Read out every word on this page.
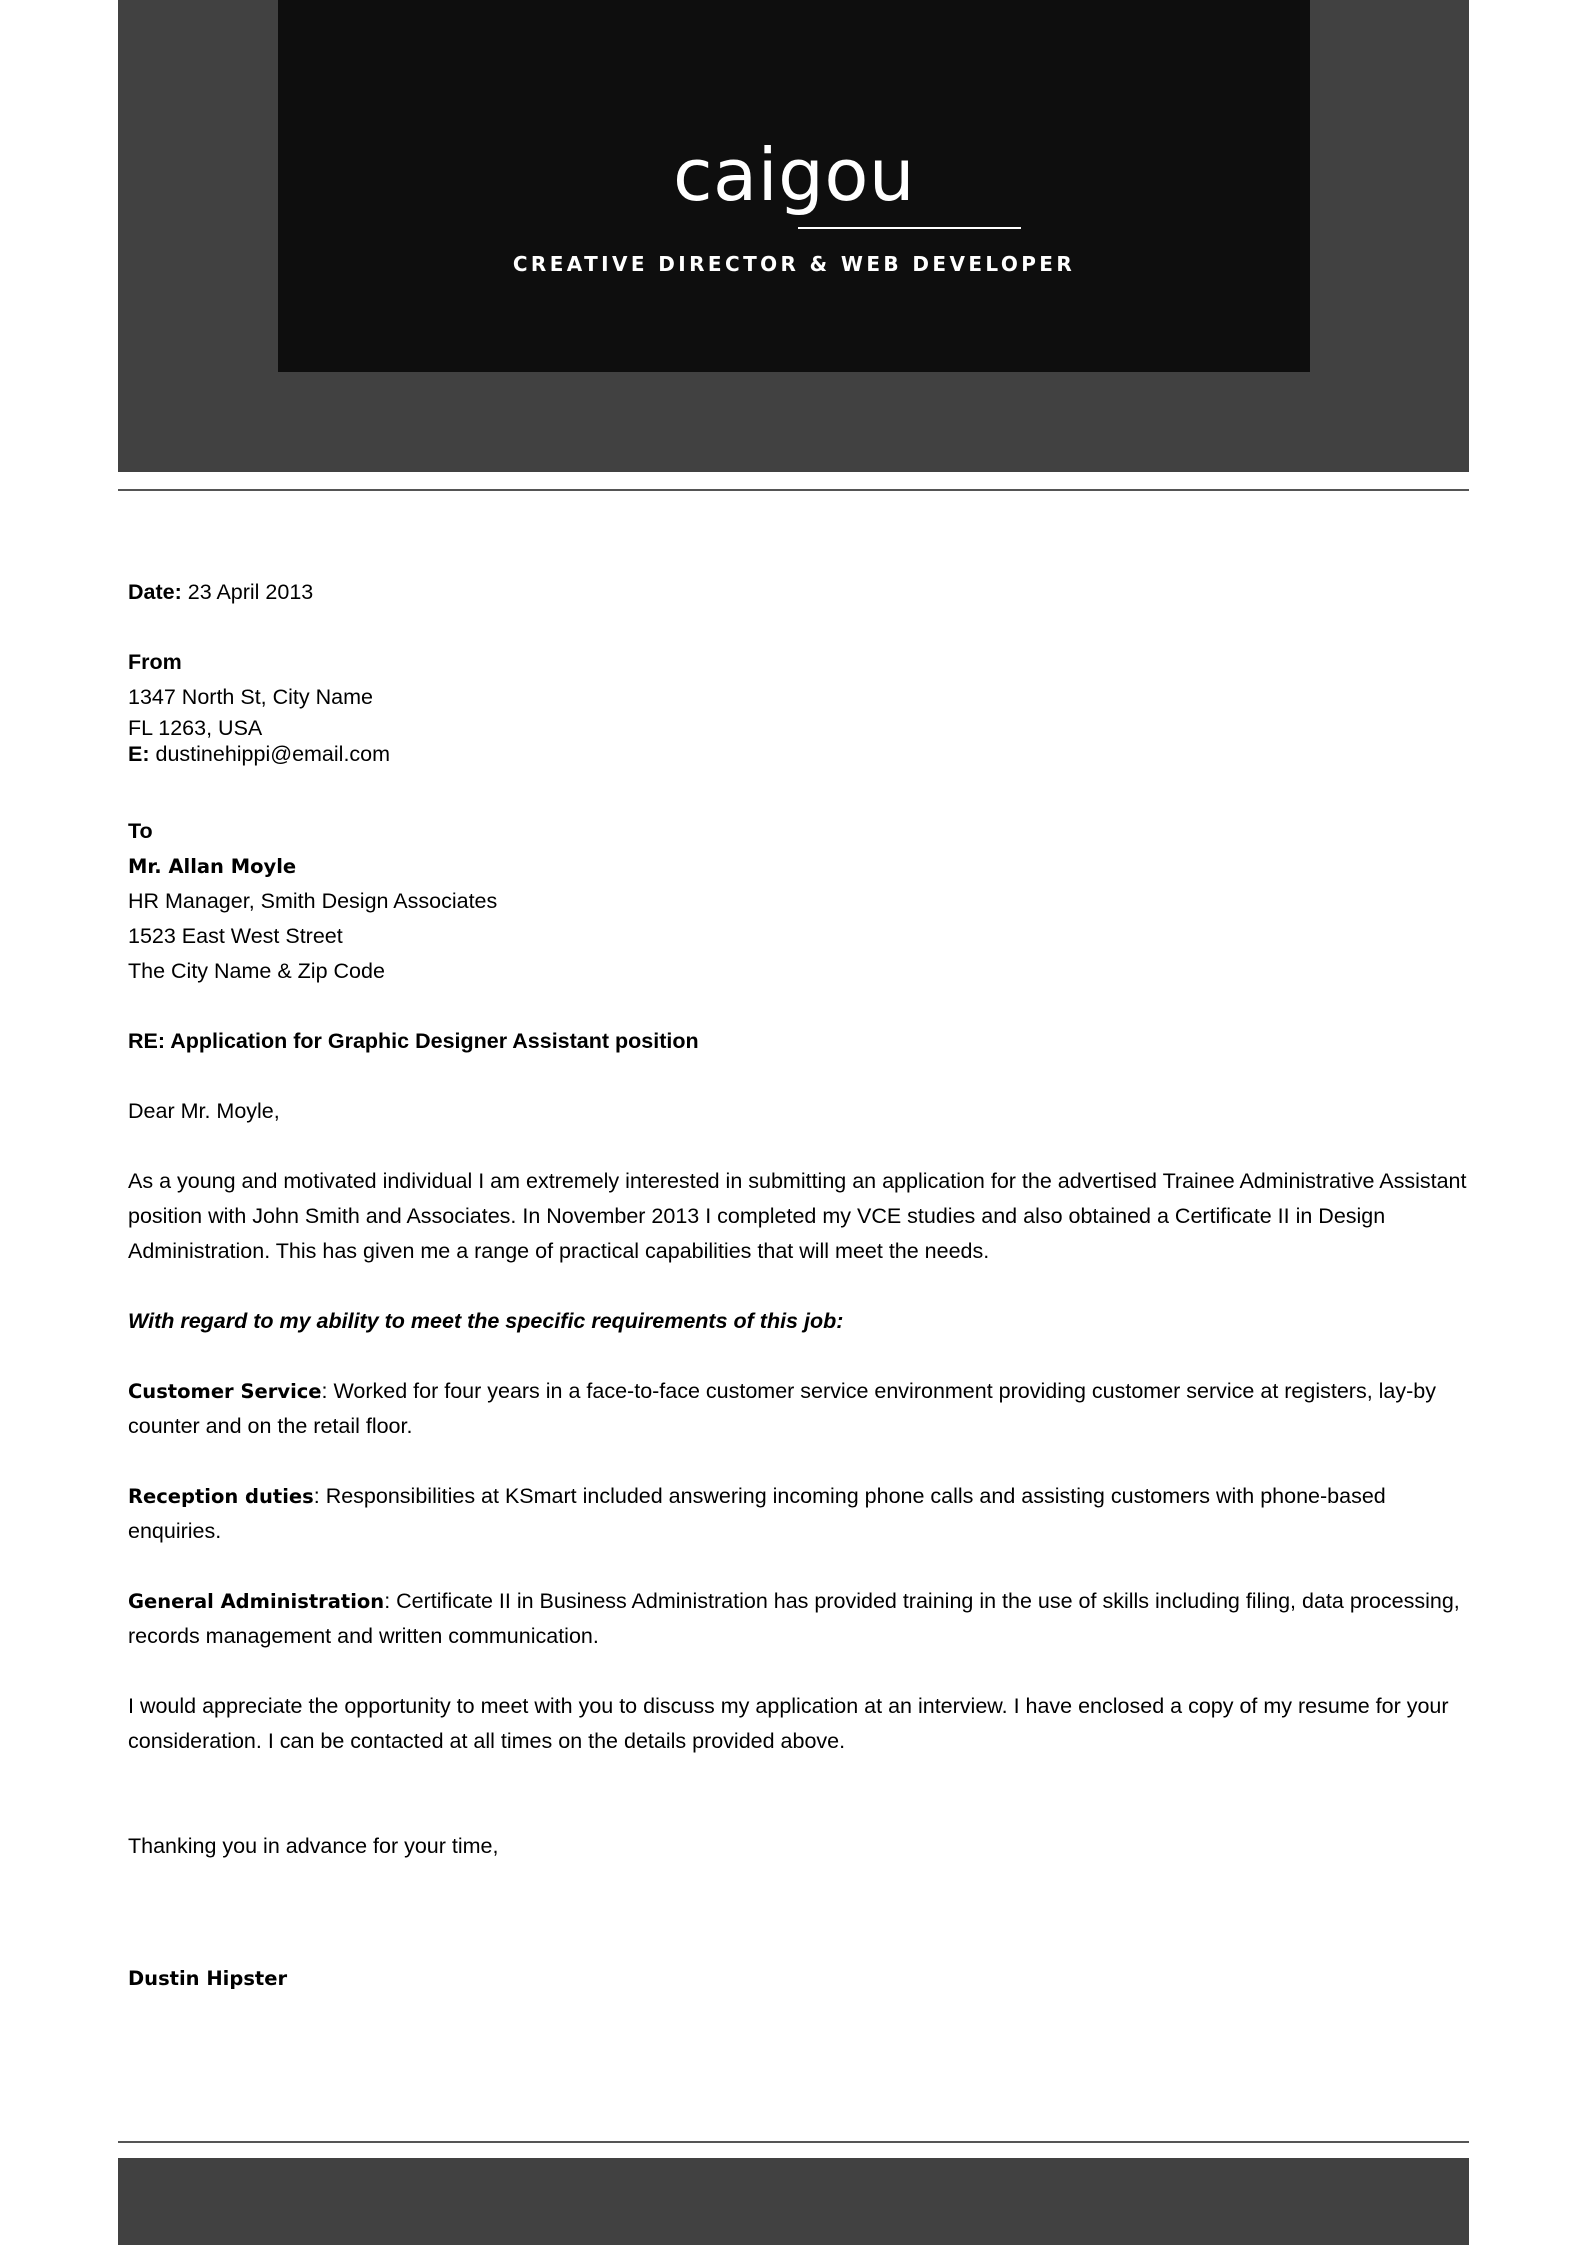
caigou
CREATIVE DIRECTOR & WEB DEVELOPER

Date: 23 April 2013

From

1347 North St, City Name

FL 1263, USA

E: dustinehippi@email.com

To

Mr. Allan Moyle

HR Manager, Smith Design Associates

1523 East West Street

The City Name & Zip Code

RE: Application for Graphic Designer Assistant position

Dear Mr. Moyle,

As a young and motivated individual I am extremely interested in submitting an application for the advertised Trainee Administrative Assistant position with John Smith and Associates. In November 2013 I completed my VCE studies and also obtained a Certificate II in Design Administration. This has given me a range of practical capabilities that will meet the needs.

With regard to my ability to meet the specific requirements of this job:

Customer Service: Worked for four years in a face-to-face customer service environment providing customer service at registers, lay-by counter and on the retail floor.

Reception duties: Responsibilities at KSmart included answering incoming phone calls and assisting customers with phone-based enquiries.

General Administration: Certificate II in Business Administration has provided training in the use of skills including filing, data processing, records management and written communication.

I would appreciate the opportunity to meet with you to discuss my application at an interview. I have enclosed a copy of my resume for your consideration. I can be contacted at all times on the details provided above.

Thanking you in advance for your time,

Dustin Hipster
